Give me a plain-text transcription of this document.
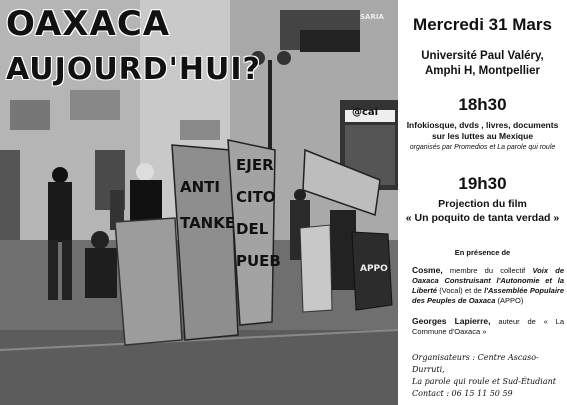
OAXACA
AUJOURD'HUI?
ANTI
TANKE
EJER
CITO
DEL
PUEB	APPO
@cal
SARIA	Mercredi 31 Mars
Université Paul Valéry,
Amphi H, Montpellier
18h30
Infokiosque, dvds , livres, documents
sur les luttes au Mexique
organisés par Promedios et La parole qui roule
19h30
Projection du film
« Un poquito de tanta verdad »
En présence de
Cosme, membre du collectif Voix de Oaxaca Construisant l'Autonomie et la Liberté (Vocal) et de l'Assemblée Populaire des Peuples de Oaxaca (APPO)
Georges Lapierre, auteur de « La Commune d'Oaxaca »
Organisateurs : Centre Ascaso-Durruti,
La parole qui roule et Sud-Étudiant
Contact : 06 15 11 50 59
